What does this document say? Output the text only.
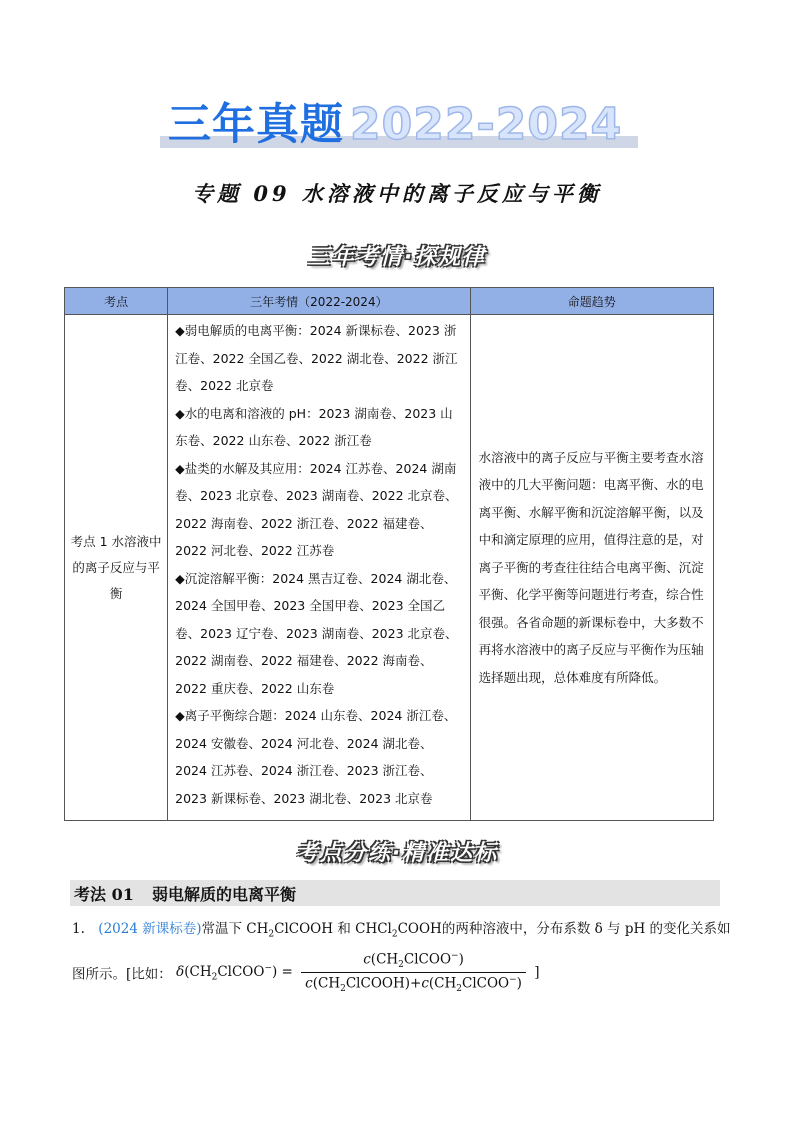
三年真题 2022-2024
专题 09 水溶液中的离子反应与平衡
三年考情·探规律
考点	三年考情（2022-2024）	命题趋势
考点 1 水溶液中的离子反应与平衡	◆弱电解质的电离平衡：2024 新课标卷、2023 浙江卷、2022 全国乙卷、2022 湖北卷、2022 浙江卷、2022 北京卷
◆水的电离和溶液的 pH：2023 湖南卷、2023 山东卷、2022 山东卷、2022 浙江卷
◆盐类的水解及其应用：2024 江苏卷、2024 湖南卷、2023 北京卷、2023 湖南卷、2022 北京卷、2022 海南卷、2022 浙江卷、2022 福建卷、2022 河北卷、2022 江苏卷
◆沉淀溶解平衡：2024 黑吉辽卷、2024 湖北卷、2024 全国甲卷、2023 全国甲卷、2023 全国乙卷、2023 辽宁卷、2023 湖南卷、2023 北京卷、2022 湖南卷、2022 福建卷、2022 海南卷、2022 重庆卷、2022 山东卷
◆离子平衡综合题：2024 山东卷、2024 浙江卷、2024 安徽卷、2024 河北卷、2024 湖北卷、2024 江苏卷、2024 浙江卷、2023 浙江卷、2023 新课标卷、2023 湖北卷、2023 北京卷	水溶液中的离子反应与平衡主要考查水溶液中的几大平衡问题：电离平衡、水的电离平衡、水解平衡和沉淀溶解平衡，以及中和滴定原理的应用，值得注意的是，对离子平衡的考查往往结合电离平衡、沉淀平衡、化学平衡等问题进行考查，综合性很强。各省命题的新课标卷中，大多数不再将水溶液中的离子反应与平衡作为压轴选择题出现，总体难度有所降低。
考点分练·精准达标
考法 01 弱电解质的电离平衡
1. (2024 新课标卷)常温下 $CH_2ClCOOH$ 和 CHCl$_2$COOH的两种溶液中，分布系数 δ 与 pH 的变化关系如
图所示。[比如： $\delta(CH_2ClCOO^-) = \frac{c(CH_2ClCOO^-)}{c(CH_2ClCOOH)+c(CH_2ClCOO^-)}$ ]
